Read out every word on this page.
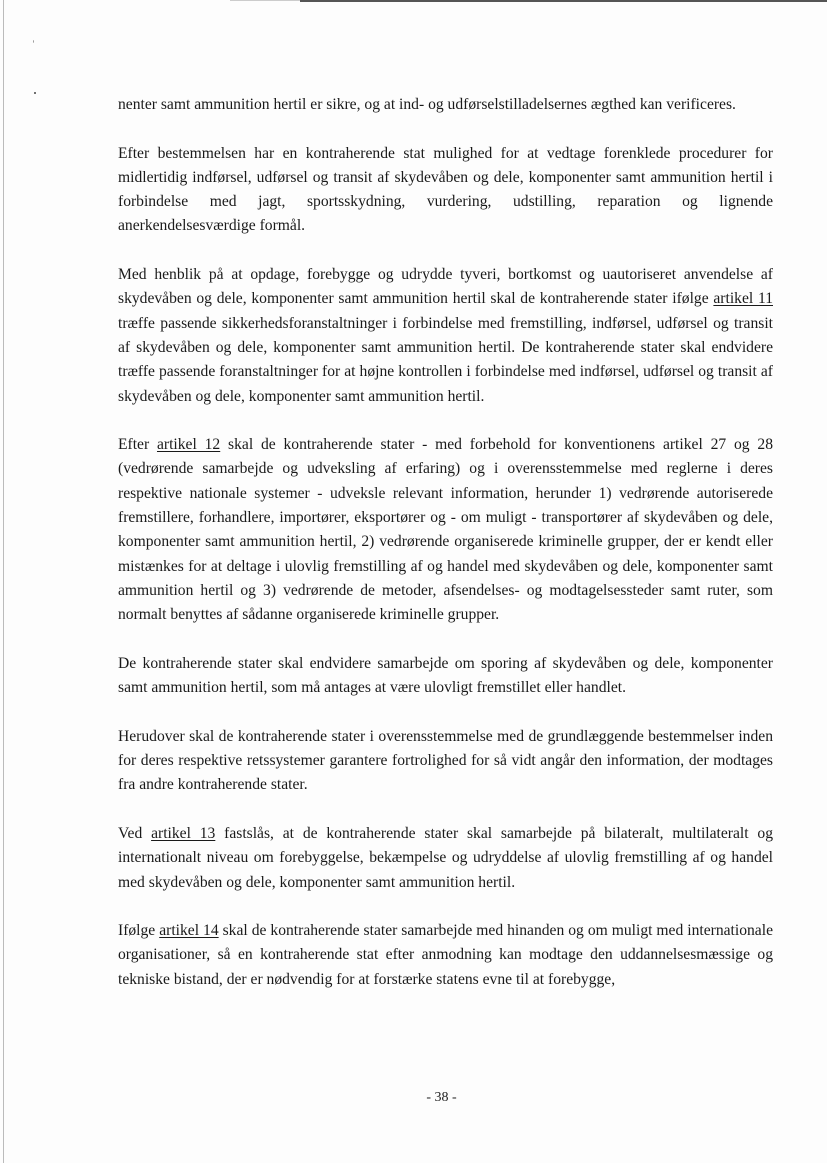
nenter samt ammunition hertil er sikre, og at ind- og udførselstilladelsernes ægthed kan verificeres.

Efter bestemmelsen har en kontraherende stat mulighed for at vedtage forenklede procedurer for midlertidig indførsel, udførsel og transit af skydevåben og dele, komponenter samt ammunition hertil i forbindelse med jagt, sportsskydning, vurdering, udstilling, reparation og lignende anerkendelsesværdige formål.

Med henblik på at opdage, forebygge og udrydde tyveri, bortkomst og uautoriseret anvendelse af skydevåben og dele, komponenter samt ammunition hertil skal de kontraherende stater ifølge artikel 11 træffe passende sikkerhedsforanstaltninger i forbindelse med fremstilling, indførsel, udførsel og transit af skydevåben og dele, komponenter samt ammunition hertil. De kontraherende stater skal endvidere træffe passende foranstaltninger for at højne kontrollen i forbindelse med indførsel, udførsel og transit af skydevåben og dele, komponenter samt ammunition hertil.

Efter artikel 12 skal de kontraherende stater - med forbehold for konventionens artikel 27 og 28 (vedrørende samarbejde og udveksling af erfaring) og i overensstemmelse med reglerne i deres respektive nationale systemer - udveksle relevant information, herunder 1) vedrørende autoriserede fremstillere, forhandlere, importører, eksportører og - om muligt - transportører af skydevåben og dele, komponenter samt ammunition hertil, 2) vedrørende organiserede kriminelle grupper, der er kendt eller mistænkes for at deltage i ulovlig fremstilling af og handel med skydevåben og dele, komponenter samt ammunition hertil og 3) vedrørende de metoder, afsendelses- og modtagelsessteder samt ruter, som normalt benyttes af sådanne organiserede kriminelle grupper.

De kontraherende stater skal endvidere samarbejde om sporing af skydevåben og dele, komponenter samt ammunition hertil, som må antages at være ulovligt fremstillet eller handlet.

Herudover skal de kontraherende stater i overensstemmelse med de grundlæggende bestemmelser inden for deres respektive retssystemer garantere fortrolighed for så vidt angår den information, der modtages fra andre kontraherende stater.

Ved artikel 13 fastslås, at de kontraherende stater skal samarbejde på bilateralt, multilateralt og internationalt niveau om forebyggelse, bekæmpelse og udryddelse af ulovlig fremstilling af og handel med skydevåben og dele, komponenter samt ammunition hertil.

Ifølge artikel 14 skal de kontraherende stater samarbejde med hinanden og om muligt med internationale organisationer, så en kontraherende stat efter anmodning kan modtage den uddannelsesmæssige og tekniske bistand, der er nødvendig for at forstærke statens evne til at forebygge,

- 38 -
